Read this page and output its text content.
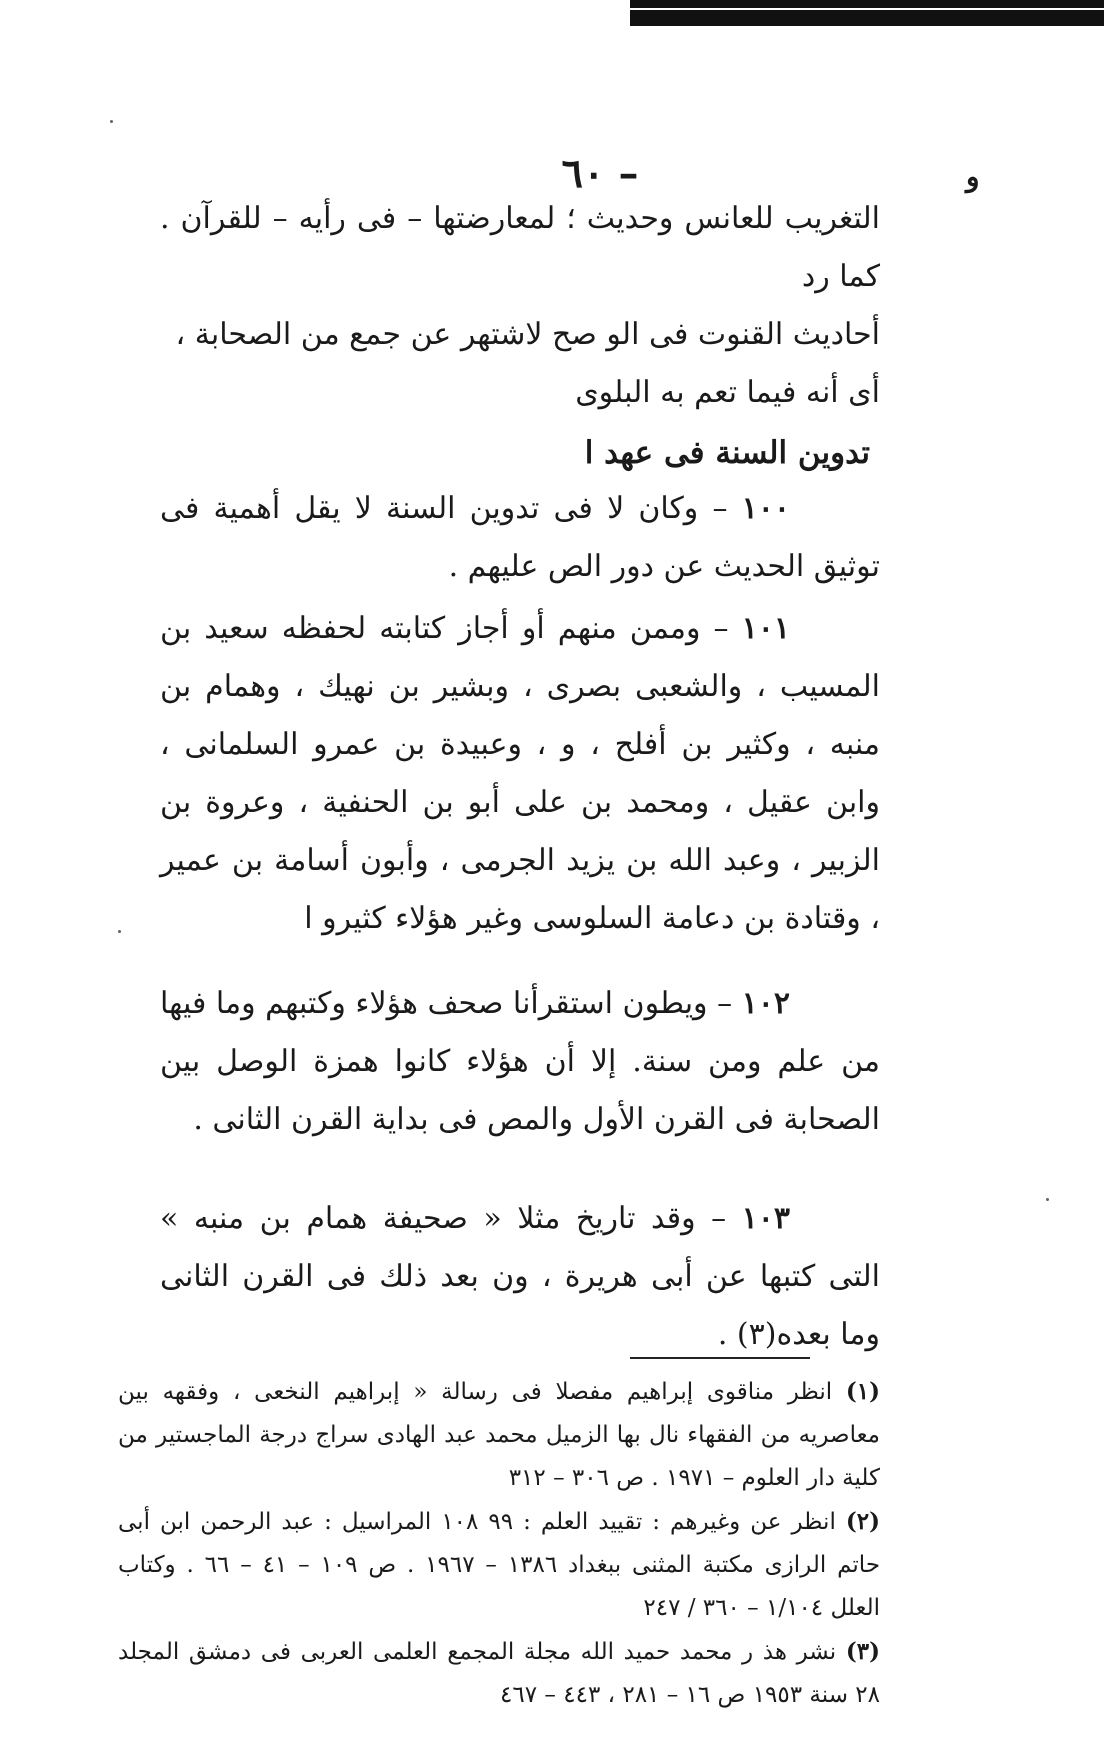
– ٦٠	و
التغريب للعانس وحديث ؛ لمعارضتها – فى رأيه – للقرآن . كما رد
أحاديث القنوت فى الو صح لاشتهر عن جمع من الصحابة ،
أى أنه فيما تعم به البلوى
تدوين السنة فى عهد ا

١٠٠ – وكان لا فى تدوين السنة لا يقل أهمية فى توثيق الحديث عن دور الص عليهم .

١٠١ – وممن منهم أو أجاز كتابته لحفظه سعيد بن المسيب ، والشعبى بصرى ، وبشير بن نهيك ، وهمام بن منبه ، وكثير بن أفلح ، و ، وعبيدة بن عمرو السلمانى ، وابن عقيل ، ومحمد بن على أبو بن الحنفية ، وعروة بن الزبير ، وعبد الله بن يزيد الجرمى ، وأبون أسامة بن عمير ، وقتادة بن دعامة السلوسى وغير هؤلاء كثيرو ا

١٠٢ – ويطون استقرأنا صحف هؤلاء وكتبهم وما فيها من علم ومن سنة. إلا أن هؤلاء كانوا همزة الوصل بين الصحابة فى القرن الأول والمص فى بداية القرن الثانى .

١٠٣ – وقد تاريخ مثلا « صحيفة همام بن منبه » التى كتبها عن أبى هريرة ، ون بعد ذلك فى القرن الثانى وما بعده(٣) .

(١) انظر مناقوى إبراهيم مفصلا فى رسالة « إبراهيم النخعى ، وفقهه بين معاصريه من الفقهاء نال بها الزميل محمد عبد الهادى سراج درجة الماجستير من كلية دار العلوم – ١٩٧١ . ص ٣٠٦ – ٣١٢

(٢) انظر عن وغيرهم : تقييد العلم : ٩٩ ١٠٨ المراسيل : عبد الرحمن ابن أبى حاتم الرازى مكتبة المثنى ببغداد ١٣٨٦ – ١٩٦٧ . ص ١٠٩ – ٤١ – ٦٦ . وكتاب العلل ١/١٠٤ – ٣٦٠ / ٢٤٧

(٣) نشر هذ ر محمد حميد الله مجلة المجمع العلمى العربى فى دمشق المجلد ٢٨ سنة ١٩٥٣ ص ١٦ – ٢٨١ ، ٤٤٣ – ٤٦٧
